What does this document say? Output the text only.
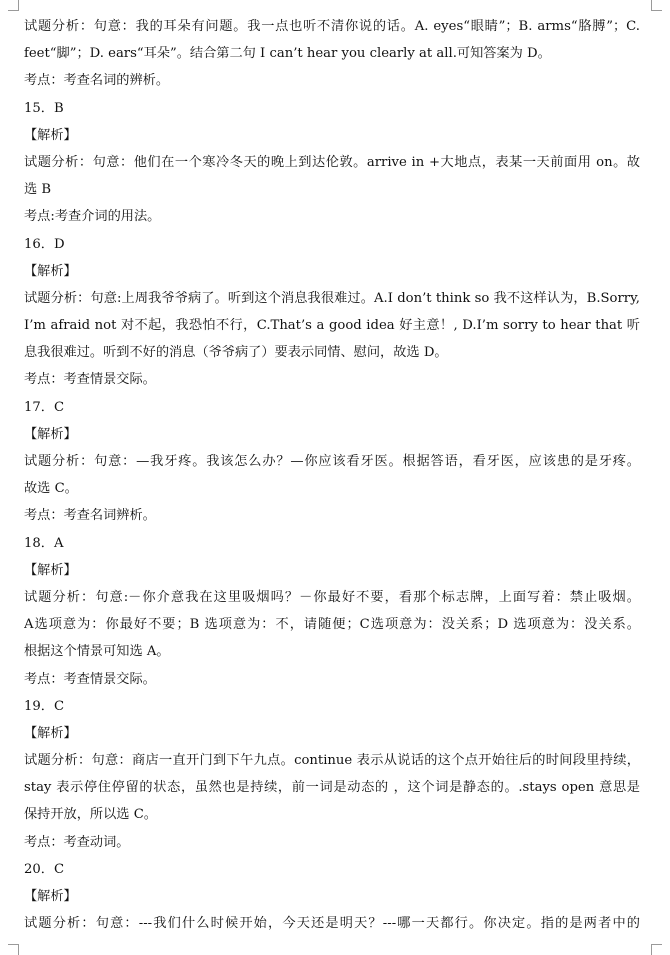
试题分析：句意：我的耳朵有问题。我一点也听不清你说的话。A. eyes“眼睛”；B. arms“胳膊”；C.
feet“脚”；D. ears“耳朵”。结合第二句 I can’t hear you clearly at all.可知答案为 D。
考点：考查名词的辨析。
15．B
【解析】
试题分析：句意：他们在一个寒冷冬天的晚上到达伦敦。arrive in +大地点，表某一天前面用 on。故
选 B
考点:考查介词的用法。
16．D
【解析】
试题分析：句意:上周我爷爷病了。听到这个消息我很难过。A.I don’t think so 我不这样认为，B.Sorry,
I’m afraid not 对不起，我恐怕不行，C.That’s a good idea 好主意！, D.I’m sorry to hear that 听
息我很难过。听到不好的消息（爷爷病了）要表示同情、慰问，故选 D。
考点：考查情景交际。
17．C
【解析】
试题分析：句意：—我牙疼。我该怎么办？—你应该看牙医。根据答语，看牙医，应该患的是牙疼。
故选 C。
考点：考查名词辨析。
18．A
【解析】
试题分析：句意:－你介意我在这里吸烟吗？－你最好不要，看那个标志牌，上面写着：禁止吸烟。
A选项意为：你最好不要；B 选项意为：不，请随便；C选项意为：没关系；D 选项意为：没关系。
根据这个情景可知选 A。
考点：考查情景交际。
19．C
【解析】
试题分析：句意：商店一直开门到下午九点。continue 表示从说话的这个点开始往后的时间段里持续，
stay 表示停住停留的状态，虽然也是持续，前一词是动态的 ，这个词是静态的。.stays open 意思是
保持开放，所以选 C。
考点：考查动词。
20．C
【解析】
试题分析：句意：---我们什么时候开始，今天还是明天？---哪一天都行。你决定。指的是两者中的
